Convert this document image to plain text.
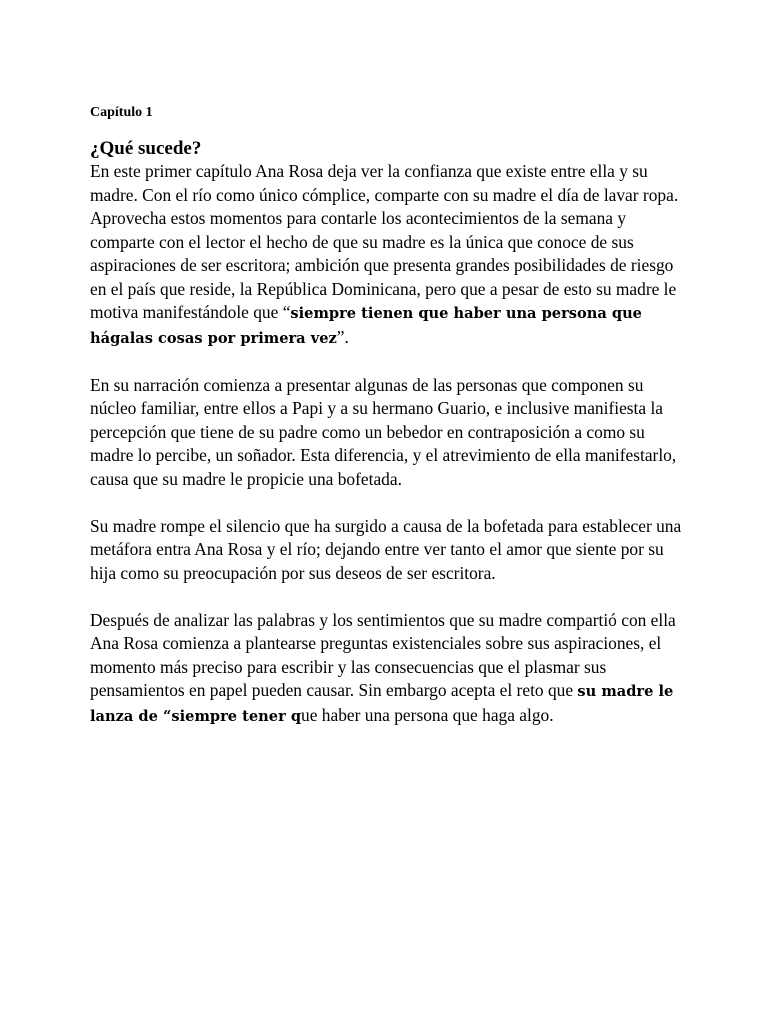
Capítulo 1

¿Qué sucede?

En este primer capítulo Ana Rosa deja ver la confianza que existe entre ella y su madre. Con el río como único cómplice, comparte con su madre el día de lavar ropa. Aprovecha estos momentos para contarle los acontecimientos de la semana y comparte con el lector el hecho de que su madre es la única que conoce de sus aspiraciones de ser escritora; ambición que presenta grandes posibilidades de riesgo en el país que reside, la República Dominicana, pero que a pesar de esto su madre le motiva manifestándole que “siempre tienen que haber una persona que hágalas cosas por primera vez”.

En su narración comienza a presentar algunas de las personas que componen su núcleo familiar, entre ellos a Papi y a su hermano Guario, e inclusive manifiesta la percepción que tiene de su padre como un bebedor en contraposición a como su madre lo percibe, un soñador. Esta diferencia, y el atrevimiento de ella manifestarlo, causa que su madre le propicie una bofetada.

Su madre rompe el silencio que ha surgido a causa de la bofetada para establecer una metáfora entra Ana Rosa y el río; dejando entre ver tanto el amor que siente por su hija como su preocupación por sus deseos de ser escritora.

Después de analizar las palabras y los sentimientos que su madre compartió con ella Ana Rosa comienza a plantearse preguntas existenciales sobre sus aspiraciones, el momento más preciso para escribir y las consecuencias que el plasmar sus pensamientos en papel pueden causar. Sin embargo acepta el reto que su madre le lanza de “siempre tener que haber una persona que haga algo.
